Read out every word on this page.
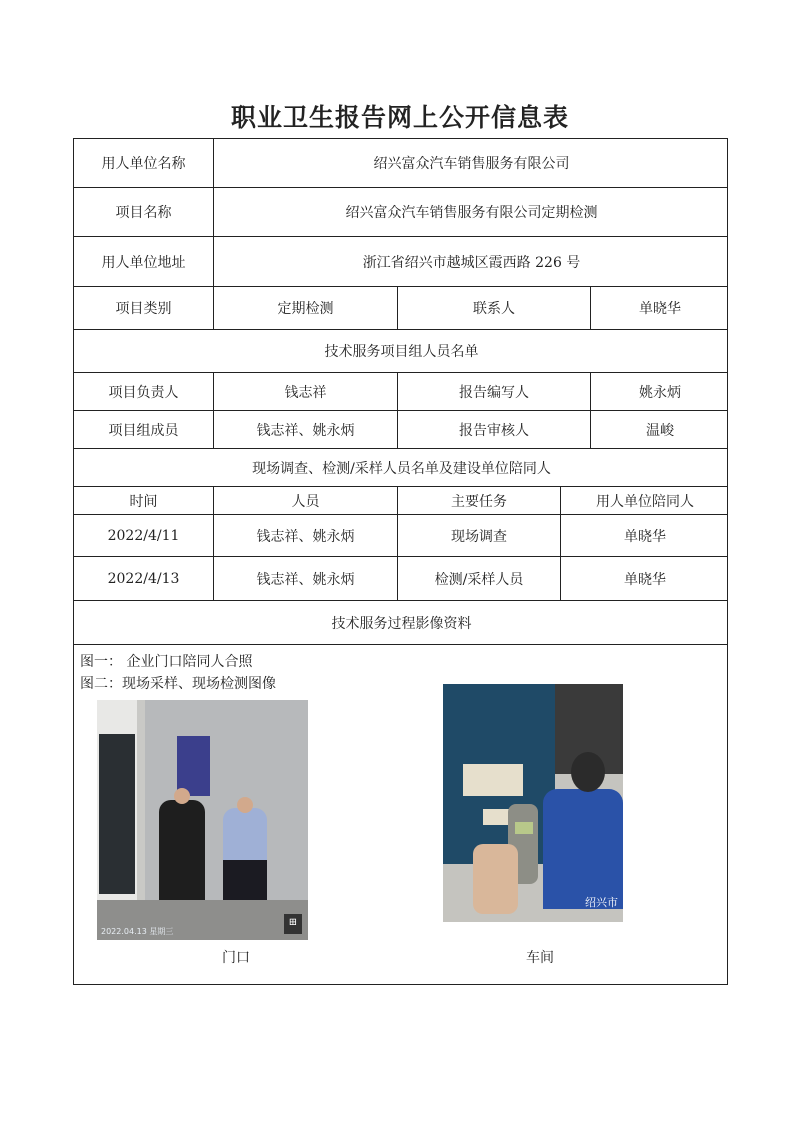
职业卫生报告网上公开信息表
用人单位名称	绍兴富众汽车销售服务有限公司
项目名称	绍兴富众汽车销售服务有限公司定期检测
用人单位地址	浙江省绍兴市越城区霞西路 226 号
项目类别	定期检测	联系人	单晓华
技术服务项目组人员名单
项目负责人	钱志祥	报告编写人	姚永炳
项目组成员	钱志祥、姚永炳	报告审核人	温峻
现场调查、检测/采样人员名单及建设单位陪同人
时间	人员	主要任务	用人单位陪同人
2022/4/11	钱志祥、姚永炳	现场调查	单晓华
2022/4/13	钱志祥、姚永炳	检测/采样人员	单晓华
技术服务过程影像资料
图一： 企业门口陪同人合照
图二：现场采样、现场检测图像
2022.04.13 星期三
⊞
门口
绍兴市
车间
